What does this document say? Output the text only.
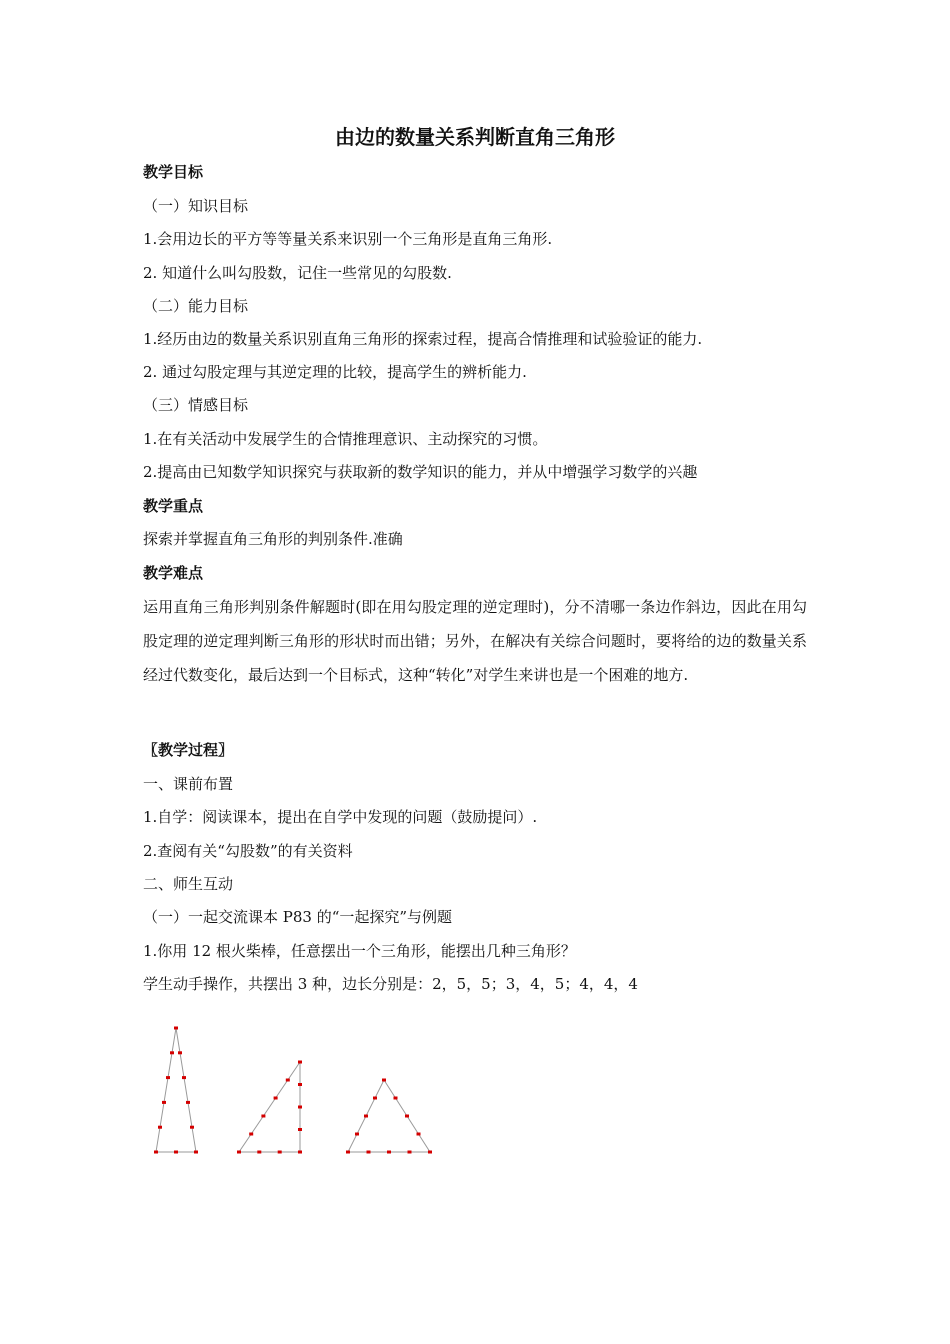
由边的数量关系判断直角三角形
教学目标
（一）知识目标
1.会用边长的平方等等量关系来识别一个三角形是直角三角形.
2. 知道什么叫勾股数，记住一些常见的勾股数.
（二）能力目标
1.经历由边的数量关系识别直角三角形的探索过程，提高合情推理和试验验证的能力.
2. 通过勾股定理与其逆定理的比较，提高学生的辨析能力.
（三）情感目标
1.在有关活动中发展学生的合情推理意识、主动探究的习惯。
2.提高由已知数学知识探究与获取新的数学知识的能力，并从中增强学习数学的兴趣
教学重点
探索并掌握直角三角形的判别条件.准确
教学难点
运用直角三角形判别条件解题时(即在用勾股定理的逆定理时)，分不清哪一条边作斜边，因此在用勾股定理的逆定理判断三角形的形状时而出错；另外，在解决有关综合问题时，要将给的边的数量关系经过代数变化，最后达到一个目标式，这种“转化”对学生来讲也是一个困难的地方.
〖教学过程〗
一、课前布置
1.自学：阅读课本，提出在自学中发现的问题（鼓励提问）.
2.查阅有关“勾股数”的有关资料
二、师生互动
（一）一起交流课本 P83 的“一起探究”与例题
1.你用 12 根火柴棒，任意摆出一个三角形，能摆出几种三角形？
学生动手操作，共摆出 3 种，边长分别是：2，5，5；3，4，5；4，4，4
